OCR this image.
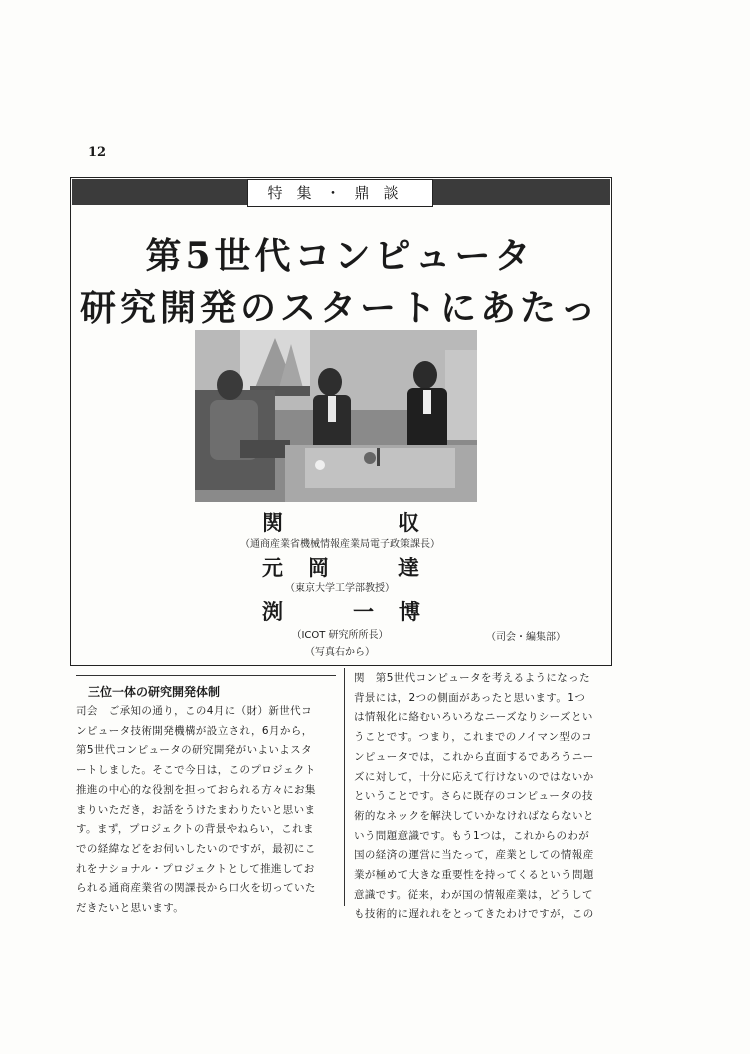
12
特集・鼎談
第5世代コンピュータ
研究開発のスタートにあたっ
関	収
（通商産業省機械情報産業局電子政策課長）
元　岡	達
（東京大学工学部教授）
渕	一　博
（ICOT 研究所所長）	（司会・編集部）
（写真右から）
三位一体の研究開発体制

司会　ご承知の通り，この4月に（財）新世代コ

ンピュータ技術開発機構が設立され，6月から，

第5世代コンピュータの研究開発がいよいよスタ

ートしました。そこで今日は，このプロジェクト

推進の中心的な役割を担っておられる方々にお集

まりいただき，お話をうけたまわりたいと思いま

す。まず，プロジェクトの背景やねらい，これま

での経緯などをお伺いしたいのですが，最初にこ

れをナショナル・プロジェクトとして推進してお

られる通商産業省の関課長から口火を切っていた

だきたいと思います。

関　第5世代コンピュータを考えるようになった

背景には，2つの側面があったと思います。1つ

は情報化に絡むいろいろなニーズなりシーズとい

うことです。つまり，これまでのノイマン型のコ

ンピュータでは，これから直面するであろうニー

ズに対して，十分に応えて行けないのではないか

ということです。さらに既存のコンピュータの技

術的なネックを解決していかなければならないと

いう問題意識です。もう1つは，これからのわが

国の経済の運営に当たって，産業としての情報産

業が極めて大きな重要性を持ってくるという問題

意識です。従来，わが国の情報産業は，どうして

も技術的に遅れれをとってきたわけですが，この
